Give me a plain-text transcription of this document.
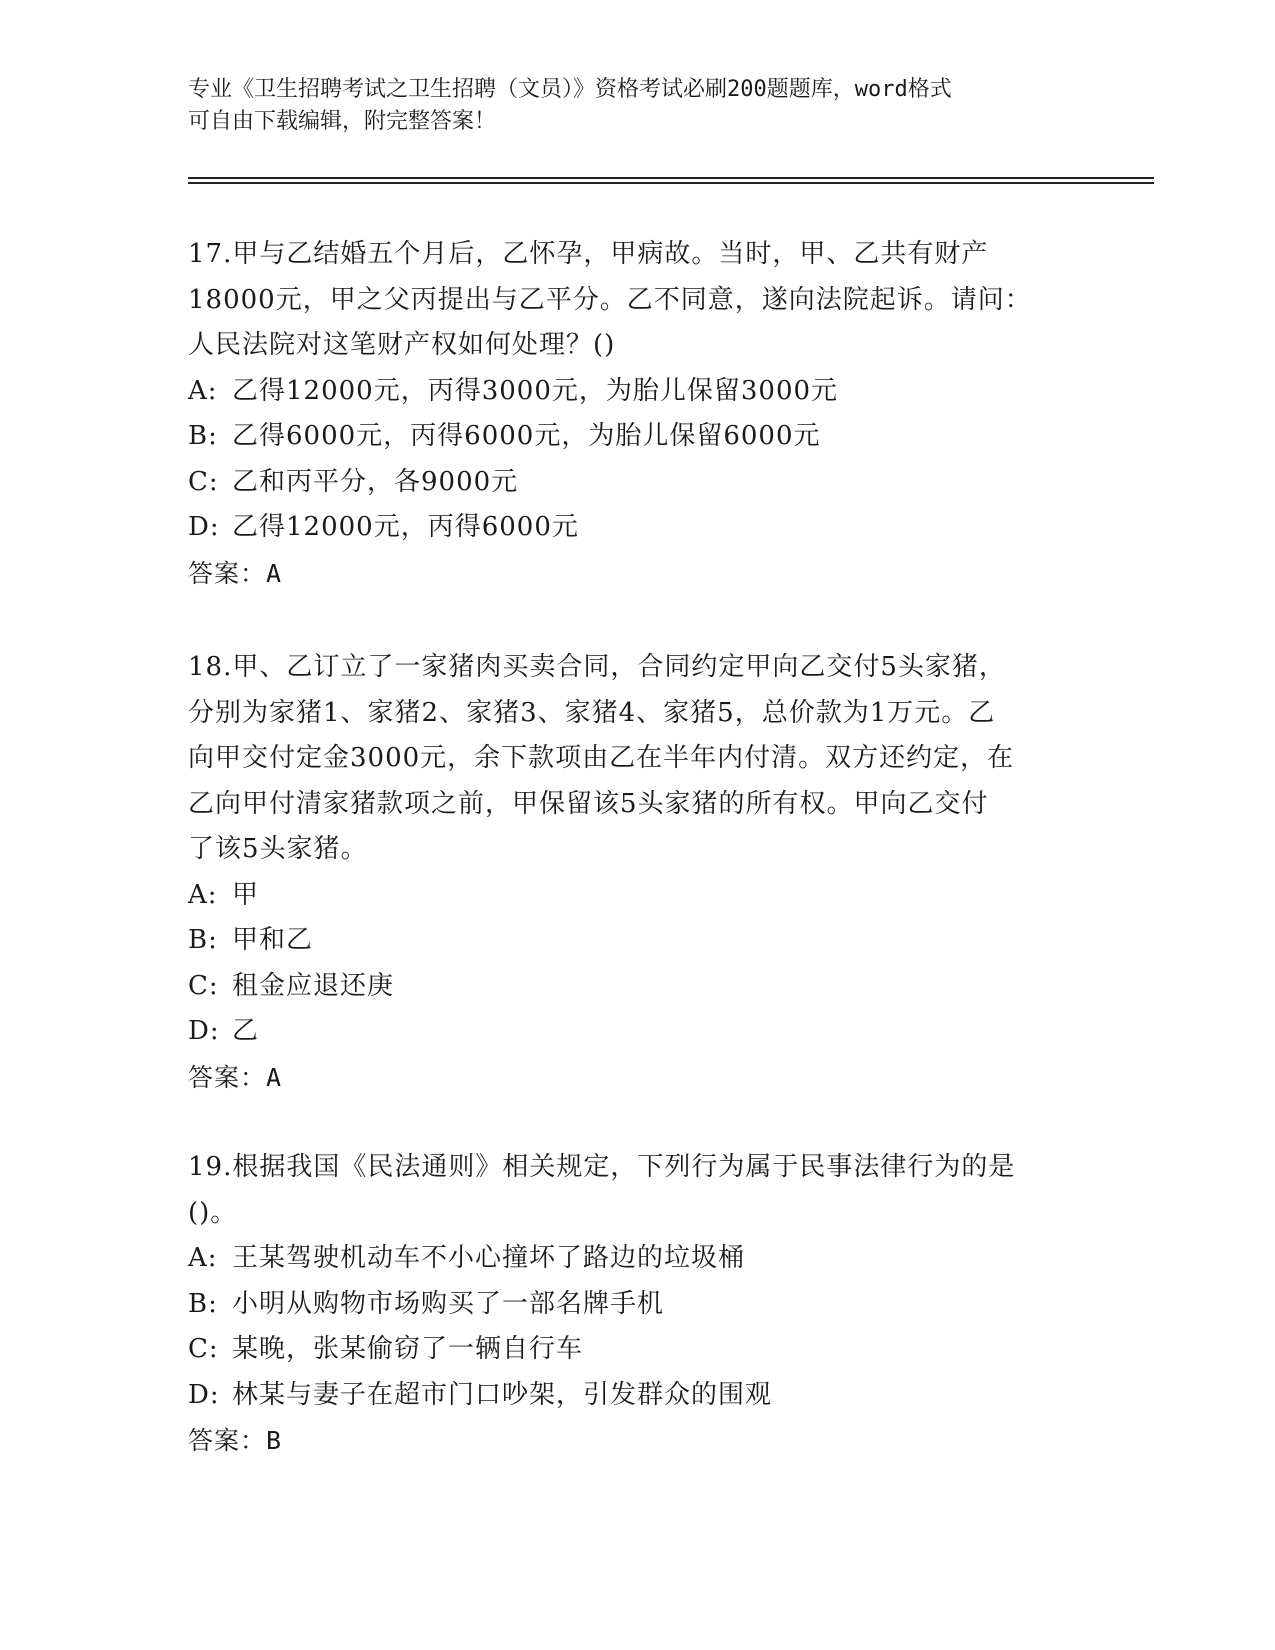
专业《卫生招聘考试之卫生招聘（文员）》资格考试必刷200题题库，word格式
可自由下载编辑，附完整答案！

17.甲与乙结婚五个月后，乙怀孕，甲病故。当时，甲、乙共有财产

18000元，甲之父丙提出与乙平分。乙不同意，遂向法院起诉。请问：

人民法院对这笔财产权如何处理？()

A: 乙得12000元，丙得3000元，为胎儿保留3000元

B: 乙得6000元，丙得6000元，为胎儿保留6000元

C: 乙和丙平分，各9000元

D: 乙得12000元，丙得6000元

答案：A

18.甲、乙订立了一家猪肉买卖合同，合同约定甲向乙交付5头家猪，

分别为家猪1、家猪2、家猪3、家猪4、家猪5，总价款为1万元。乙

向甲交付定金3000元，余下款项由乙在半年内付清。双方还约定，在

乙向甲付清家猪款项之前，甲保留该5头家猪的所有权。甲向乙交付

了该5头家猪。

A: 甲

B: 甲和乙

C: 租金应退还庚

D: 乙

答案：A

19.根据我国《民法通则》相关规定，下列行为属于民事法律行为的是

()。

A: 王某驾驶机动车不小心撞坏了路边的垃圾桶

B: 小明从购物市场购买了一部名牌手机

C: 某晚，张某偷窃了一辆自行车

D: 林某与妻子在超市门口吵架，引发群众的围观

答案：B
